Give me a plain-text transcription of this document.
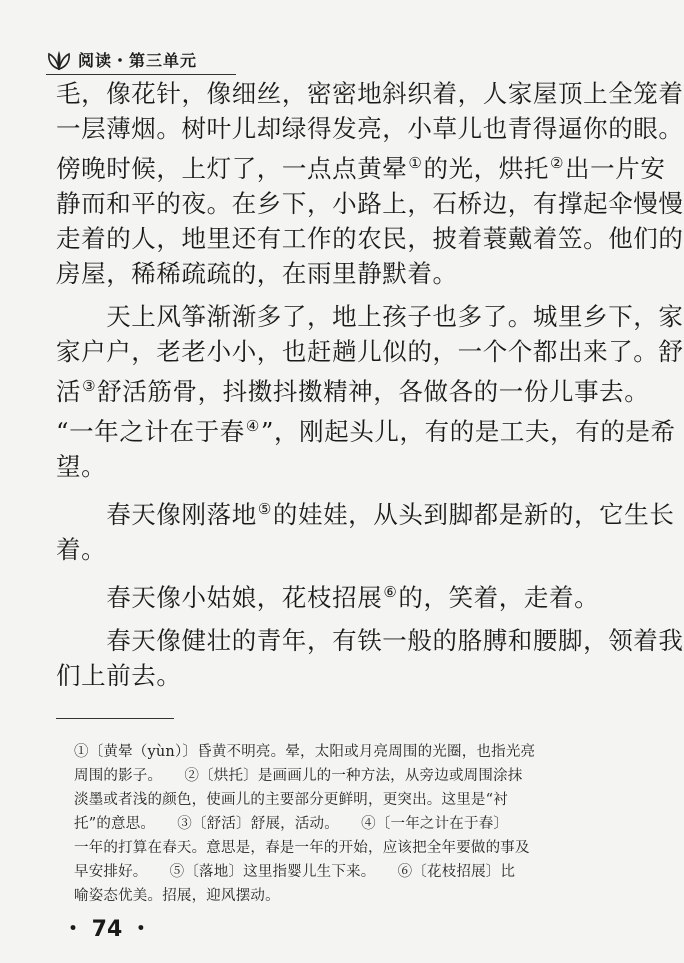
阅读・第三单元
毛，像花针，像细丝，密密地斜织着，人家屋顶上全笼着
一层薄烟。树叶儿却绿得发亮，小草儿也青得逼你的眼。
傍晚时候，上灯了，一点点黄晕①的光，烘托②出一片安
静而和平的夜。在乡下，小路上，石桥边，有撑起伞慢慢
走着的人，地里还有工作的农民，披着蓑戴着笠。他们的
房屋，稀稀疏疏的，在雨里静默着。
　　天上风筝渐渐多了，地上孩子也多了。城里乡下，家
家户户，老老小小，也赶趟儿似的，一个个都出来了。舒
活③舒活筋骨，抖擞抖擞精神，各做各的一份儿事去。
“一年之计在于春④”，刚起头儿，有的是工夫，有的是希
望。
　　春天像刚落地⑤的娃娃，从头到脚都是新的，它生长
着。
　　春天像小姑娘，花枝招展⑥的，笑着，走着。
　　春天像健壮的青年，有铁一般的胳膊和腰脚，领着我
们上前去。
①〔黄晕（yùn）〕昏黄不明亮。晕，太阳或月亮周围的光圈，也指光亮
周围的影子。　　②〔烘托〕是画画儿的一种方法，从旁边或周围涂抹
淡墨或者浅的颜色，使画儿的主要部分更鲜明，更突出。这里是“衬
托”的意思。　　③〔舒活〕舒展，活动。　　④〔一年之计在于春〕
一年的打算在春天。意思是，春是一年的开始，应该把全年要做的事及
早安排好。　　⑤〔落地〕这里指婴儿生下来。　　⑥〔花枝招展〕比
喻姿态优美。招展，迎风摆动。
・ 74 ・
